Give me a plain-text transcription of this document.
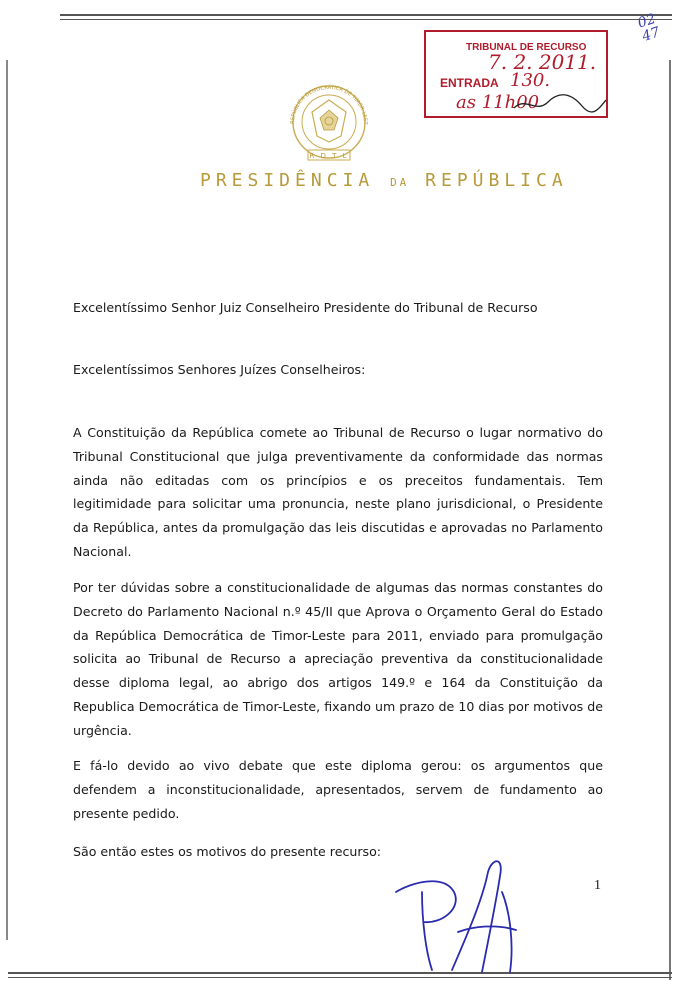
REPÚBLICA DEMOCRÁTICA DE TIMOR-LEST
R D T L
PRESIDÊNCIA DA REPÚBLICA
TRIBUNAL DE RECURSO
7. 2. 2011.
ENTRADA 130.
as 11h00
02
47

Excelentíssimo Senhor Juiz Conselheiro Presidente do Tribunal de Recurso

Excelentíssimos Senhores Juízes Conselheiros:

A Constituição da República comete ao Tribunal de Recurso o lugar normativo do Tribunal Constitucional que julga preventivamente da conformidade das normas ainda não editadas com os princípios e os preceitos fundamentais. Tem legitimidade para solicitar uma pronuncia, neste plano jurisdicional, o Presidente da República, antes da promulgação das leis discutidas e aprovadas no Parlamento Nacional.

Por ter dúvidas sobre a constitucionalidade de algumas das normas constantes do Decreto do Parlamento Nacional n.º 45/II que Aprova o Orçamento Geral do Estado da República Democrática de Timor-Leste para 2011, enviado para promulgação solicita ao Tribunal de Recurso a apreciação preventiva da constitucionalidade desse diploma legal, ao abrigo dos artigos 149.º e 164 da Constituição da Republica Democrática de Timor-Leste, fixando um prazo de 10 dias por motivos de urgência.

E fá-lo devido ao vivo debate que este diploma gerou: os argumentos que defendem a inconstitucionalidade, apresentados, servem de fundamento ao presente pedido.

São então estes os motivos do presente recurso:

1
